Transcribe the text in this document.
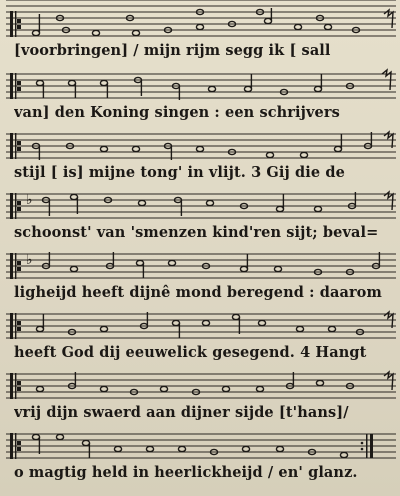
[voorbringen] / mijn rijm segg ik [ sall
van] den Koning singen : een schrijvers
stijl [ is] mijne tong' in vlijt. 3 Gij die de
♭
schoonst' van 'smenzen kind'ren sijt; beval=
♭
ligheijd heeft dijnê mond beregend : daarom
heeft God dij eeuwelick gesegend. 4 Hangt
vrij dijn swaerd aan dijner sijde [t'hans]/
o magtig held in heerlickheijd / en' glanz.
